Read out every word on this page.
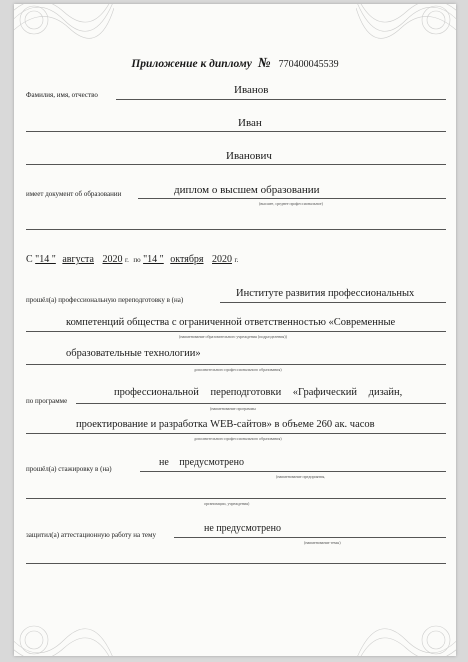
Приложение к диплому № 770400045539
Фамилия, имя, отчество	Иванов
Иван
Иванович
имеет документ об образовании	диплом о высшем образовании
(высшее, среднее профессиональное)
С "14 " августа 2020 г. по "14 " октября 2020 г.
прошёл(а) профессиональную переподготовку в (на)
Институте развития профессиональных
компетенций общества с ограниченной ответственностью «Современные
(наименование образовательного учреждения (подразделения))
образовательные технологии»
дополнительного профессионального образования)
по программе
профессиональной переподготовки «Графический дизайн,
(наименование программы
проектирование и разработка WEB-сайтов» в объеме 260 ак. часов
дополнительного профессионального образования)
прошёл(а) стажировку в (на)
не предусмотрено
(наименование предприятия,
организации, учреждения)
защитил(а) аттестационную работу на тему
не предусмотрено
(наименование темы)
